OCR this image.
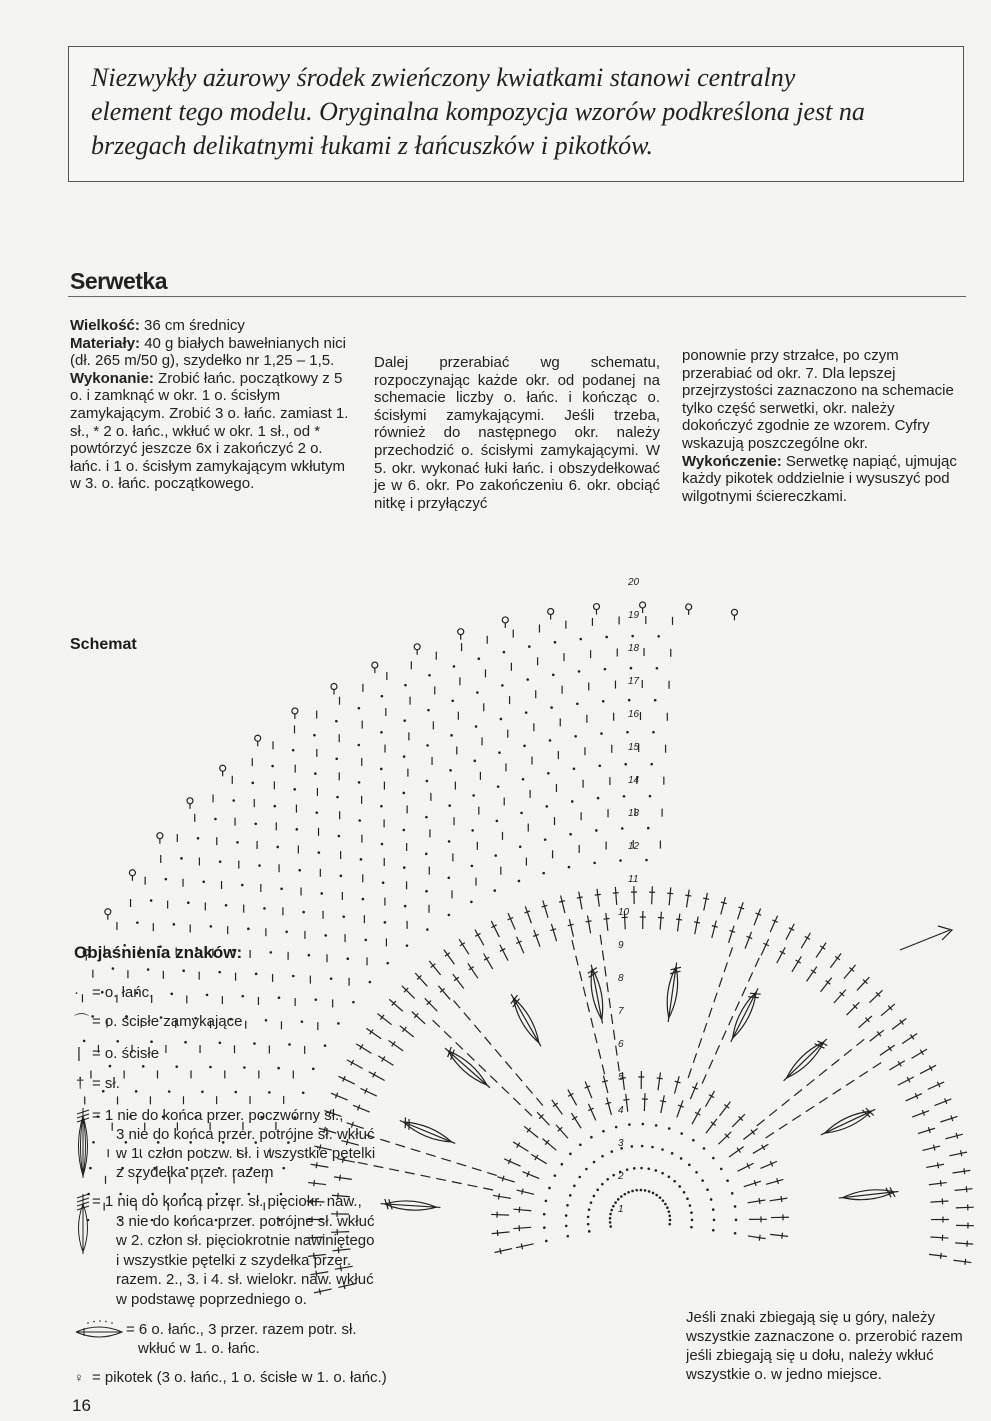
Niezwykły ażurowy środek zwieńczony kwiatkami stanowi centralny
element tego modelu. Oryginalna kompozycja wzorów podkreślona jest na
brzegach delikatnymi łukami z łańcuszków i pikotków.
Serwetka

Wielkość: 36 cm średnicy

Materiały: 40 g białych bawełnianych nici (dł. 265 m/50 g), szydełko nr 1,25 – 1,5.

Wykonanie: Zrobić łańc. początkowy z 5 o. i zamknąć w okr. 1 o. ścisłym zamykającym. Zrobić 3 o. łańc. zamiast 1. sł., * 2 o. łańc., wkłuć w okr. 1 sł., od * powtórzyć jeszcze 6x i zakończyć 2 o. łańc. i 1 o. ścisłym zamykającym wkłutym w 3. o. łańc. początkowego.

Dalej przerabiać wg schematu, rozpoczynając każde okr. od podanej na schemacie liczby o. łańc. i kończąc o. ścisłymi zamykającymi. Jeśli trzeba, również do następnego okr. należy przechodzić o. ścisłymi zamykającymi. W 5. okr. wykonać łuki łańc. i obszydełkować je w 6. okr. Po zakończeniu 6. okr. obciąć nitkę i przyłączyć

ponownie przy strzałce, po czym przerabiać od okr. 7. Dla lepszej przejrzystości zaznaczono na schemacie tylko część serwetki, okr. należy dokończyć zgodnie ze wzorem. Cyfry wskazują poszczególne okr.

Wykończenie: Serwetkę napiąć, ujmując każdy pikotek oddzielnie i wysuszyć pod wilgotnymi ściereczkami.

Schemat
20
19
18
17
16
15
14
13
12
11
10
9
8
7
6
5
4
3
2
1
Objaśnienia znaków:
· = o. łańc.
⌒ = o. ścisłe zamykające
| = o. ścisłe
† = sł.
= 1 nie do końca przer. poczwórny sł.,
3 nie do końca przer. potrójne sł. wkłuć
w 1. człon poczw. sł. i wszystkie pętelki
z szydełka przer. razem
= 1 nie do końca przer. sł. pięciokr. naw.,
3 nie do końca przer. potrójne sł. wkłuć
w 2. człon sł. pięciokrotnie nawiniętego
i wszystkie pętelki z szydełka przer.
razem. 2., 3. i 4. sł. wielokr. naw. wkłuć
w podstawę poprzedniego o.
= 6 o. łańc., 3 przer. razem potr. sł.
wkłuć w 1. o. łańc.
♀ = pikotek (3 o. łańc., 1 o. ścisłe w 1. o. łańc.)
Jeśli znaki zbiegają się u góry, należy
wszystkie zaznaczone o. przerobić razem
jeśli zbiegają się u dołu, należy wkłuć
wszystkie o. w jedno miejsce.
16
